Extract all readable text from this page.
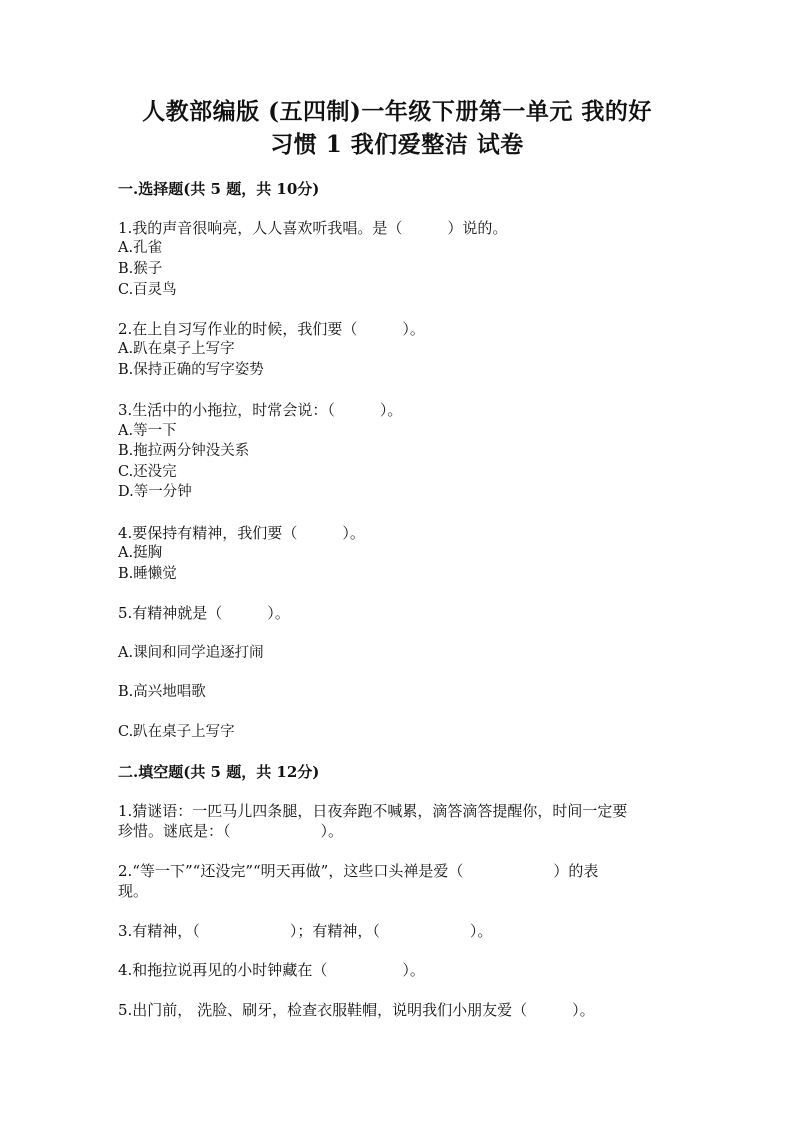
人教部编版 (五四制)一年级下册第一单元 我的好
习惯 1 我们爱整洁 试卷
一.选择题(共 5 题，共 10分)
1.我的声音很响亮，人人喜欢听我唱。是（　　　）说的。
A.孔雀
B.猴子
C.百灵鸟
2.在上自习写作业的时候，我们要（　　　）。
A.趴在桌子上写字
B.保持正确的写字姿势
3.生活中的小拖拉，时常会说：（　　　）。
A.等一下
B.拖拉两分钟没关系
C.还没完
D.等一分钟
4.要保持有精神，我们要（　　　）。
A.挺胸
B.睡懒觉
5.有精神就是（　　　）。
A.课间和同学追逐打闹
B.高兴地唱歌
C.趴在桌子上写字
二.填空题(共 5 题，共 12分)
1.猜谜语：一匹马儿四条腿，日夜奔跑不喊累，滴答滴答提醒你，时间一定要
珍惜。谜底是：（　　　　　　）。
2.“等一下”“还没完”“明天再做”，这些口头禅是爱（　　　　　　）的表
现。
3.有精神，（　　　　　　）；有精神，（　　　　　　）。
4.和拖拉说再见的小时钟藏在（　　　　　）。
5.出门前， 洗脸、刷牙，检查衣服鞋帽，说明我们小朋友爱（　　　）。
